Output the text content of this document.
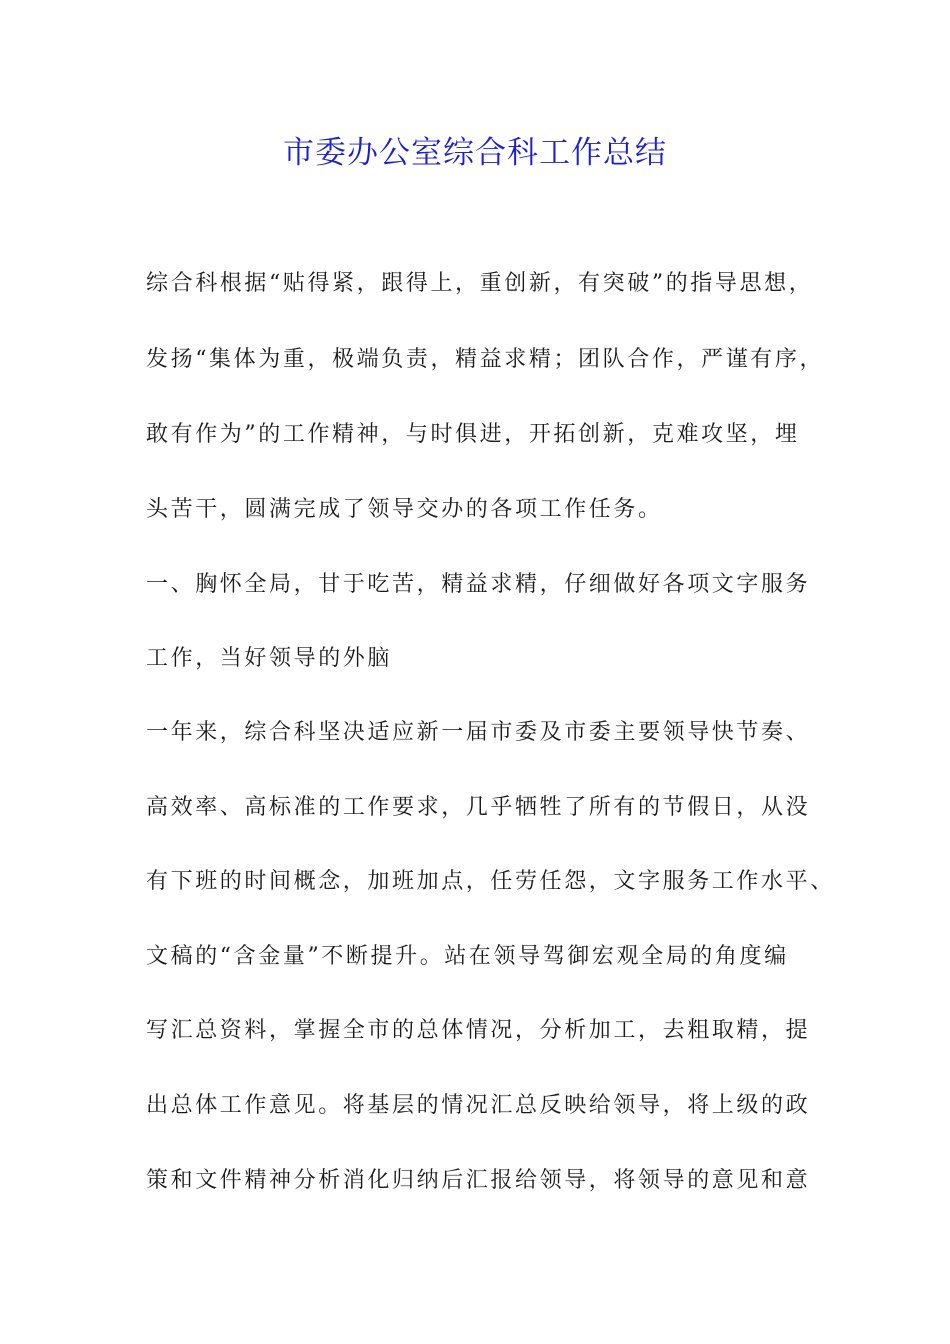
市委办公室综合科工作总结

综合科根据“贴得紧，跟得上，重创新，有突破”的指导思想，

发扬“集体为重，极端负责，精益求精；团队合作，严谨有序，

敢有作为”的工作精神，与时俱进，开拓创新，克难攻坚，埋

头苦干，圆满完成了领导交办的各项工作任务。

一、胸怀全局，甘于吃苦，精益求精，仔细做好各项文字服务

工作，当好领导的外脑

一年来，综合科坚决适应新一届市委及市委主要领导快节奏、

高效率、高标准的工作要求，几乎牺牲了所有的节假日，从没

有下班的时间概念，加班加点，任劳任怨，文字服务工作水平、

文稿的“含金量”不断提升。站在领导驾御宏观全局的角度编

写汇总资料，掌握全市的总体情况，分析加工，去粗取精，提

出总体工作意见。将基层的情况汇总反映给领导，将上级的政

策和文件精神分析消化归纳后汇报给领导，将领导的意见和意
